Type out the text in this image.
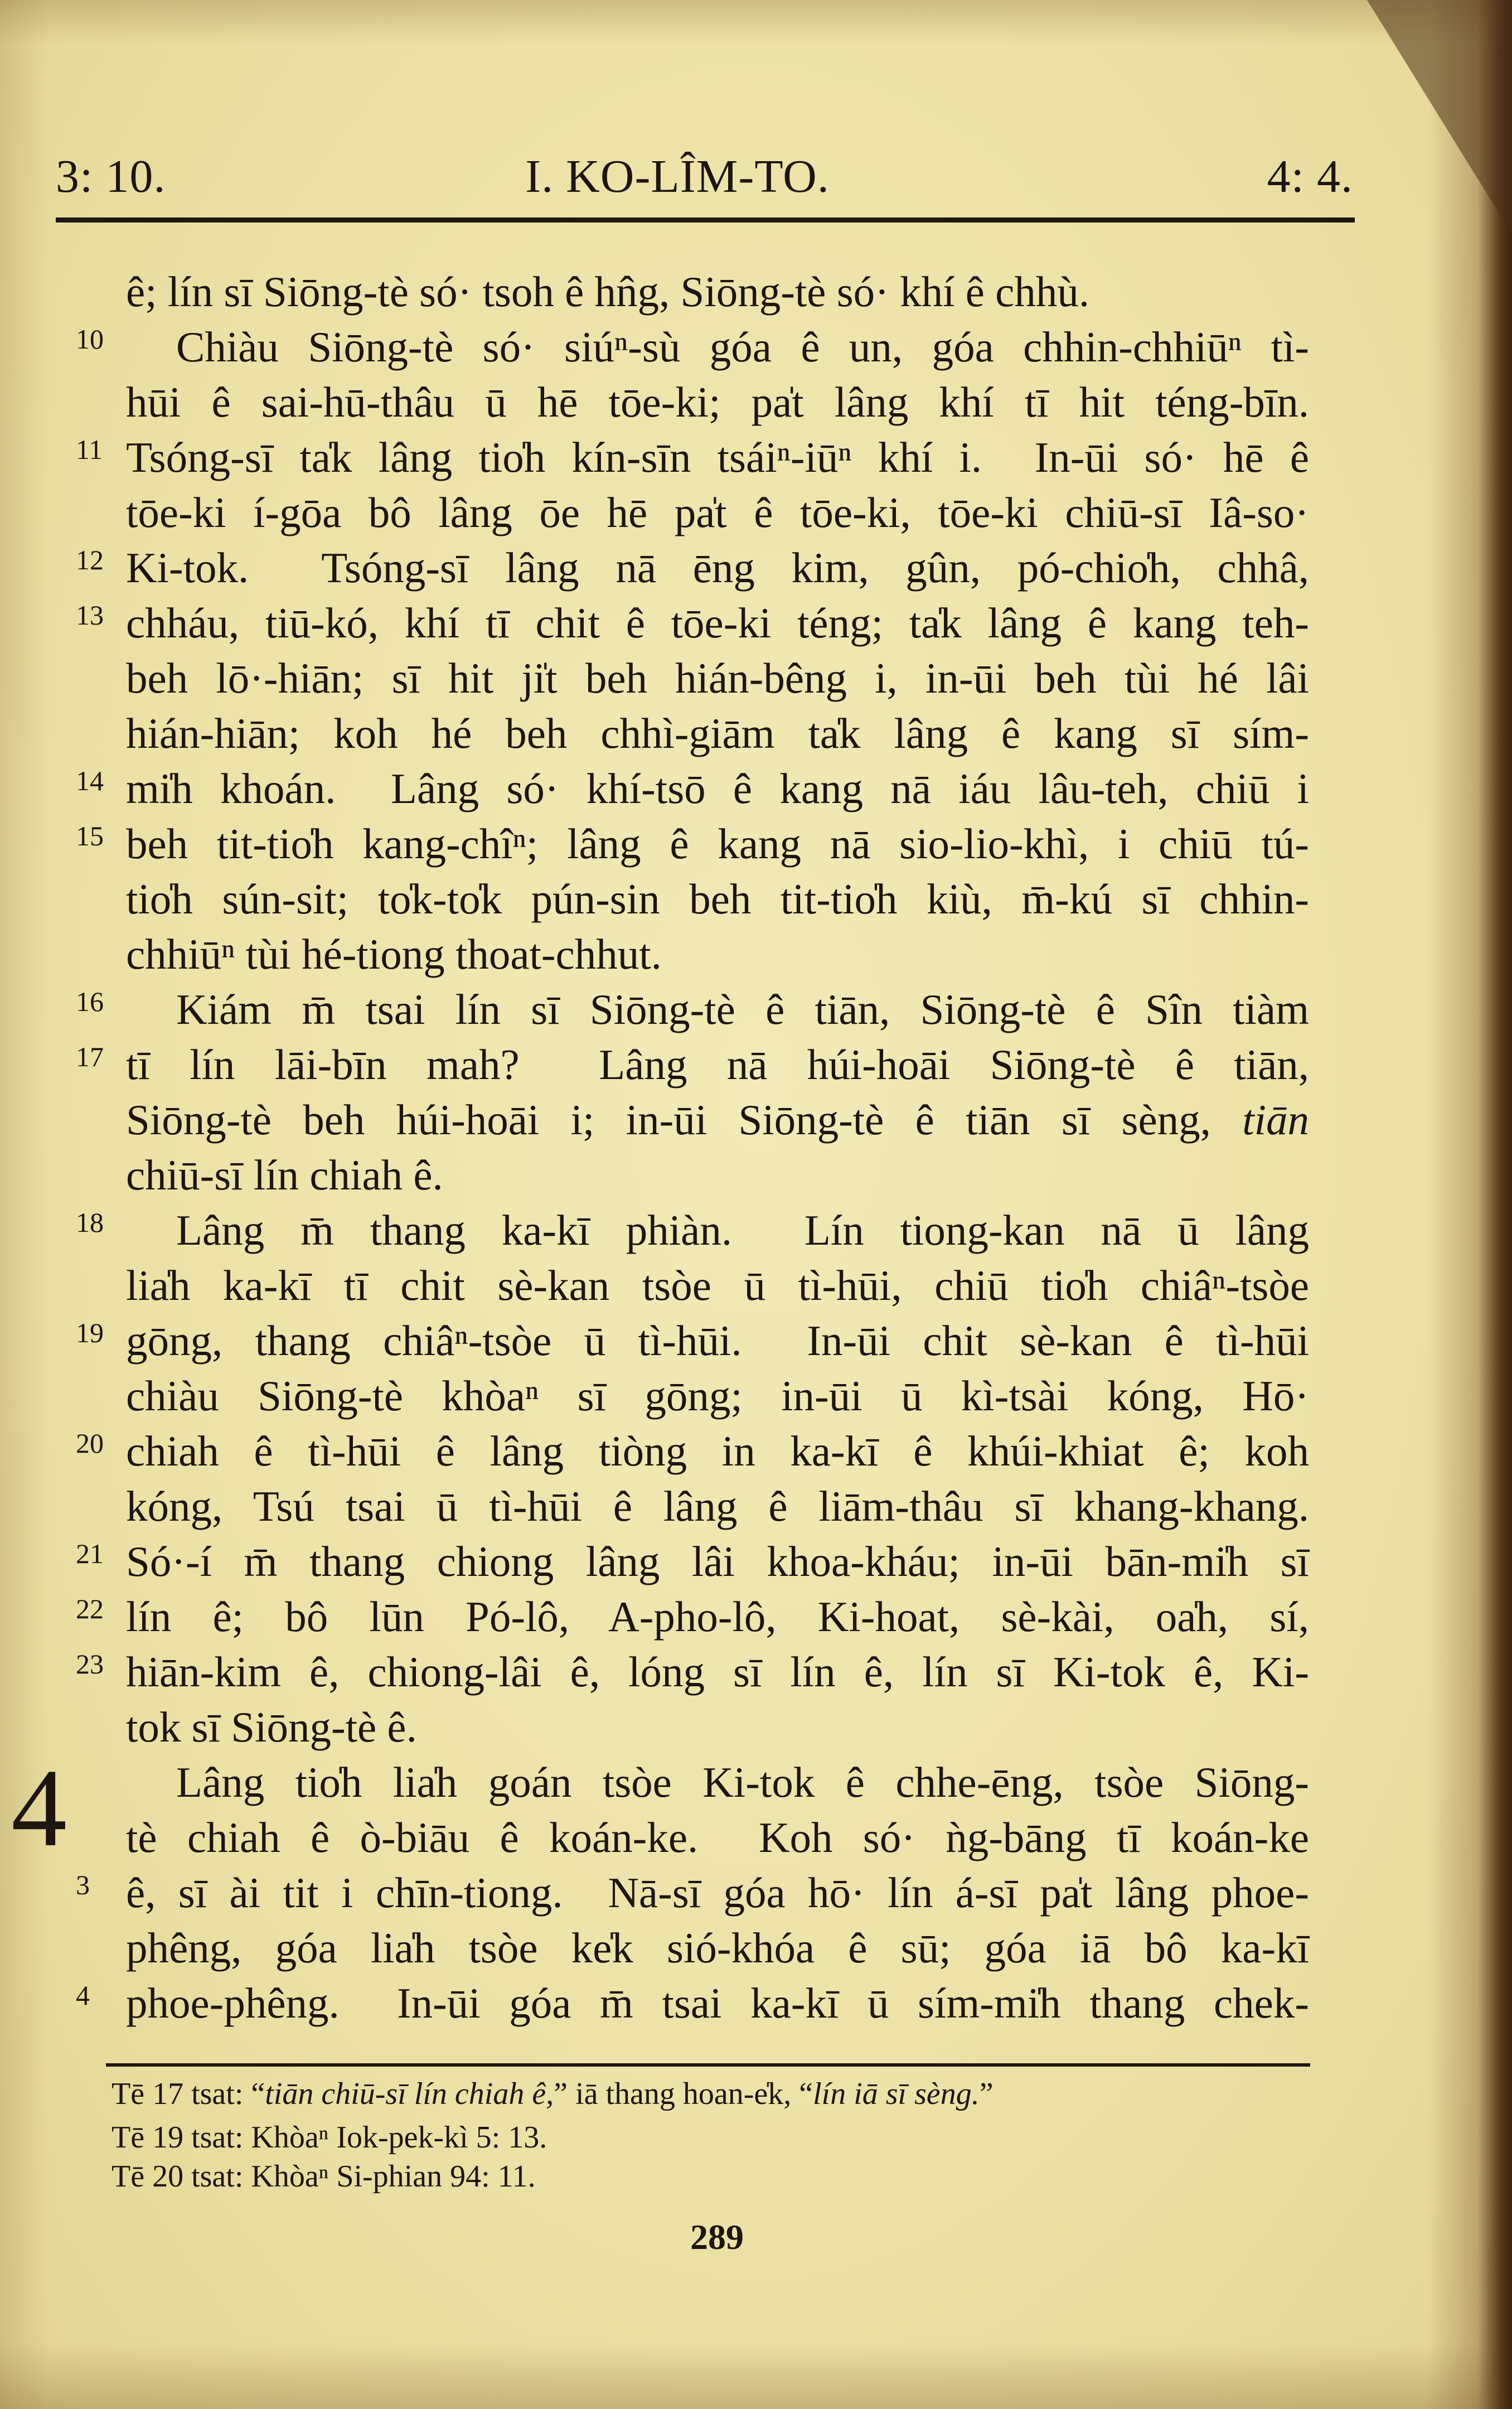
3: 10.	I. KO-LÎM-TO.	4: 4.
4
ê; lín sī Siōng-tè só· tsoh ê hn̂g, Siōng-tè só· khí ê chhù.
10	Chiàu Siōng-tè só· siúⁿ-sù góa ê un, góa chhin-chhiūⁿ tì-
hūi ê sai-hū-thâu ū hē tōe-ki; pa̍t lâng khí tī hit téng-bīn.
11 Tsóng-sī ta̍k lâng tio̍h kín-sīn tsáiⁿ-iūⁿ khí i.  In-ūi só· hē ê
tōe-ki í-gōa bô lâng ōe hē pa̍t ê tōe-ki, tōe-ki chiū-sī Iâ-so·
12 Ki-tok.  Tsóng-sī lâng nā ēng kim, gûn, pó-chio̍h, chhâ,
13 chháu, tiū-kó, khí tī chit ê tōe-ki téng; ta̍k lâng ê kang teh-
beh lō·-hiān; sī hit ji̍t beh hián-bêng i, in-ūi beh tùi hé lâi
hián-hiān; koh hé beh chhì-giām ta̍k lâng ê kang sī sím-
14 mi̍h khoán.  Lâng só· khí-tsō ê kang nā iáu lâu-teh, chiū i
15 beh tit-tio̍h kang-chîⁿ; lâng ê kang nā sio-lio-khì, i chiū tú-
tio̍h sún-sit; to̍k-to̍k pún-sin beh tit-tio̍h kiù, m̄-kú sī chhin-
chhiūⁿ tùi hé-tiong thoat-chhut.
16	Kiám m̄ tsai lín sī Siōng-tè ê tiān, Siōng-tè ê Sîn tiàm
17 tī lín lāi-bīn mah?  Lâng nā húi-hoāi Siōng-tè ê tiān,
Siōng-tè beh húi-hoāi i; in-ūi Siōng-tè ê tiān sī sèng, tiān
chiū-sī lín chiah ê.
18	Lâng m̄ thang ka-kī phiàn.  Lín tiong-kan nā ū lâng
lia̍h ka-kī tī chit sè-kan tsòe ū tì-hūi, chiū tio̍h chiâⁿ-tsòe
19 gōng, thang chiâⁿ-tsòe ū tì-hūi.  In-ūi chit sè-kan ê tì-hūi
chiàu Siōng-tè khòaⁿ sī gōng; in-ūi ū kì-tsài kóng, Hō·
20 chiah ê tì-hūi ê lâng tiòng in ka-kī ê khúi-khiat ê; koh
kóng, Tsú tsai ū tì-hūi ê lâng ê liām-thâu sī khang-khang.
21 Só·-í m̄ thang chiong lâng lâi khoa-kháu; in-ūi bān-mi̍h sī
22 lín ê; bô lūn Pó-lô, A-pho-lô, Ki-hoat, sè-kài, oa̍h, sí,
23 hiān-kim ê, chiong-lâi ê, lóng sī lín ê, lín sī Ki-tok ê, Ki-
tok sī Siōng-tè ê.
Lâng tio̍h lia̍h goán tsòe Ki-tok ê chhe-ēng, tsòe Siōng-
tè chiah ê ò-biāu ê koán-ke.  Koh só· ǹg-bāng tī koán-ke
3 ê, sī ài tit i chīn-tiong.  Nā-sī góa hō· lín á-sī pa̍t lâng phoe-
phêng, góa lia̍h tsòe ke̍k sió-khóa ê sū; góa iā bô ka-kī
4 phoe-phêng.  In-ūi góa m̄ tsai ka-kī ū sím-mi̍h thang chek-
Tē 17 tsat: “tiān chiū-sī lín chiah ê,” iā thang hoan-e̍k, “lín iā sī sèng.”
Tē 19 tsat: Khòaⁿ Iok-pek-kì 5: 13.
Tē 20 tsat: Khòaⁿ Si-phian 94: 11.
289
